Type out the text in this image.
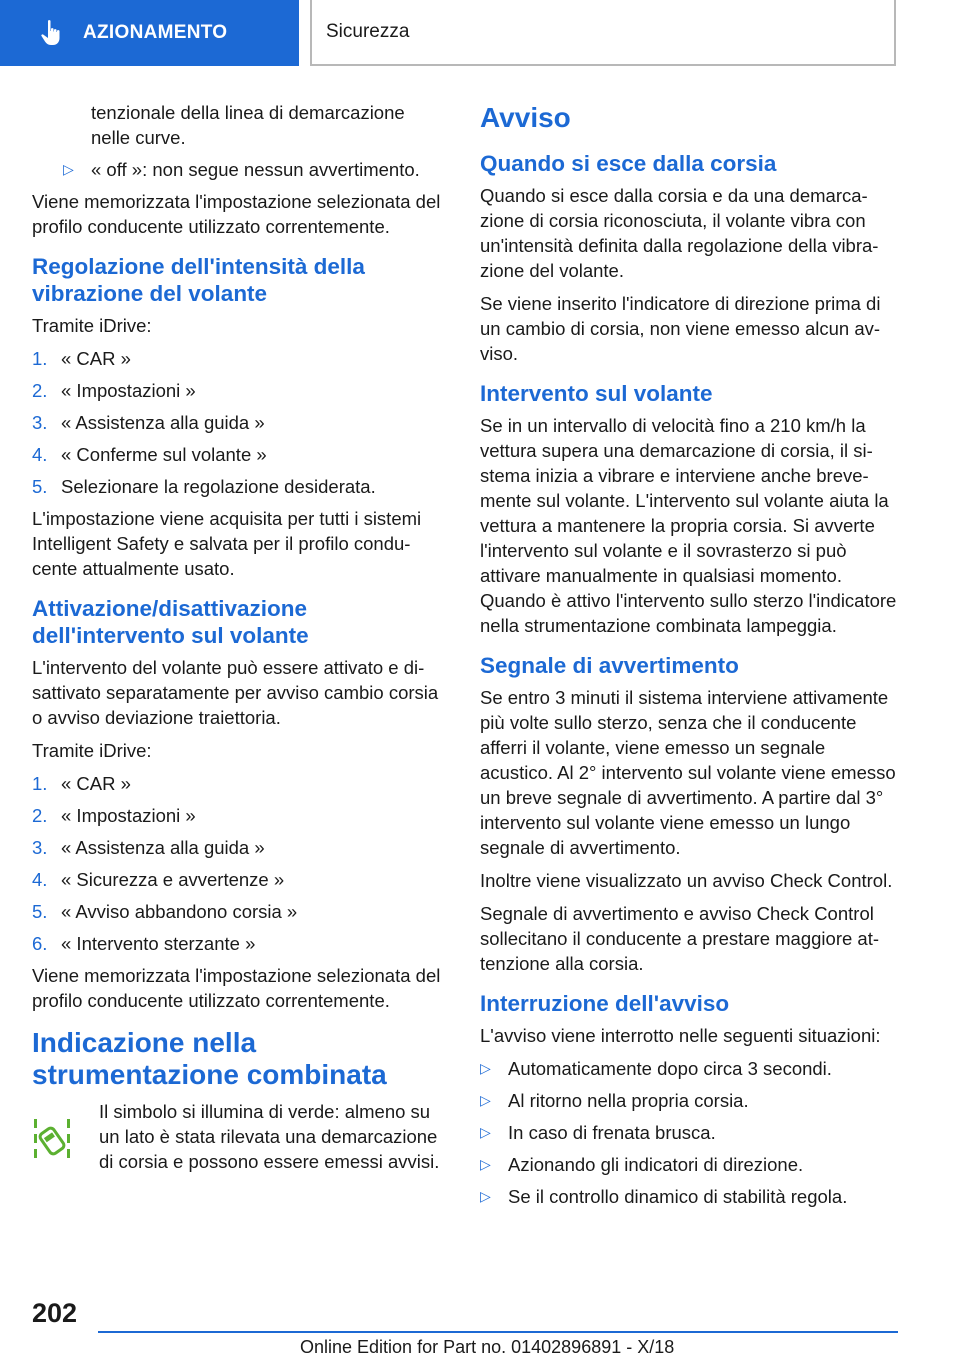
AZIONAMENTO	Sicurezza
tenzionale della linea di demarcazione nelle curve.
▷ « off »: non segue nessun avvertimento.
Viene memorizzata l'impostazione selezionata del profilo conducente utilizzato correntemente.
Regolazione dell'intensità della vibrazione del volante
Tramite iDrive:
1. « CAR »
2. « Impostazioni »
3. « Assistenza alla guida »
4. « Conferme sul volante »
5. Selezionare la regolazione desiderata.
L'impostazione viene acquisita per tutti i sistemi Intelligent Safety e salvata per il profilo conducente attualmente usato.
Attivazione/disattivazione dell'intervento sul volante
L'intervento del volante può essere attivato e disattivato separatamente per avviso cambio corsia o avviso deviazione traiettoria.
Tramite iDrive:
1. « CAR »
2. « Impostazioni »
3. « Assistenza alla guida »
4. « Sicurezza e avvertenze »
5. « Avviso abbandono corsia »
6. « Intervento sterzante »
Viene memorizzata l'impostazione selezionata del profilo conducente utilizzato correntemente.
Indicazione nella strumentazione combinata
Il simbolo si illumina di verde: almeno su un lato è stata rilevata una demarcazione di corsia e possono essere emessi avvisi.
Avviso
Quando si esce dalla corsia
Quando si esce dalla corsia e da una demarcazione di corsia riconosciuta, il volante vibra con un'intensità definita dalla regolazione della vibrazione del volante.
Se viene inserito l'indicatore di direzione prima di un cambio di corsia, non viene emesso alcun avviso.
Intervento sul volante
Se in un intervallo di velocità fino a 210 km/h la vettura supera una demarcazione di corsia, il sistema inizia a vibrare e interviene anche brevemente sul volante. L'intervento sul volante aiuta la vettura a mantenere la propria corsia. Si avverte l'intervento sul volante e il sovrasterzo si può attivare manualmente in qualsiasi momento. Quando è attivo l'intervento sullo sterzo l'indicatore nella strumentazione combinata lampeggia.
Segnale di avvertimento
Se entro 3 minuti il sistema interviene attivamente più volte sullo sterzo, senza che il conducente afferri il volante, viene emesso un segnale acustico. Al 2° intervento sul volante viene emesso un breve segnale di avvertimento. A partire dal 3° intervento sul volante viene emesso un lungo segnale di avvertimento.
Inoltre viene visualizzato un avviso Check Control.
Segnale di avvertimento e avviso Check Control sollecitano il conducente a prestare maggiore attenzione alla corsia.
Interruzione dell'avviso
L'avviso viene interrotto nelle seguenti situazioni:
▷ Automaticamente dopo circa 3 secondi.
▷ Al ritorno nella propria corsia.
▷ In caso di frenata brusca.
▷ Azionando gli indicatori di direzione.
▷ Se il controllo dinamico di stabilità regola.
202
Online Edition for Part no. 01402896891 - X/18
